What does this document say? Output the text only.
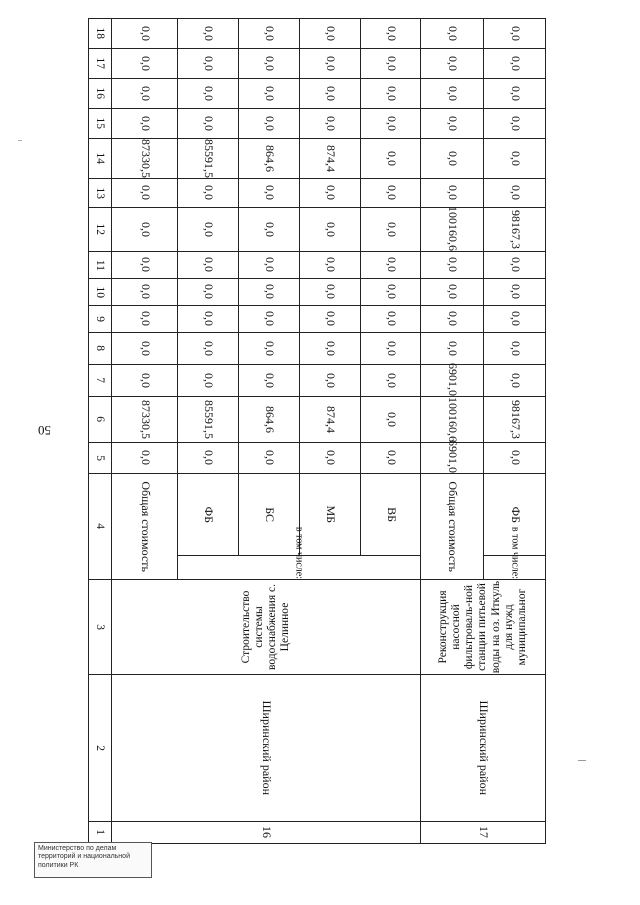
50
1	2	3	4		5	6	7	8	9	10	11	12	13	14	15	16	17	18
16	Ширинский район	Строительство системы водоснабжения с. Целинное	Общая стоимость		0,0	87330,5	0,0	0,0	0,0	0,0	0,0	0,0	0,0	87330,5	0,0	0,0	0,0	0,0
			в том числе:	ФБ	0,0	85591,5	0,0	0,0	0,0	0,0	0,0	0,0	0,0	85591,5	0,0	0,0	0,0	0,0
				БС	0,0	864,6	0,0	0,0	0,0	0,0	0,0	0,0	0,0	864,6	0,0	0,0	0,0	0,0
				МБ	0,0	874,4	0,0	0,0	0,0	0,0	0,0	0,0	0,0	874,4	0,0	0,0	0,0	0,0
				ВБ	0,0	0,0	0,0	0,0	0,0	0,0	0,0	0,0	0,0	0,0	0,0	0,0	0,0	0,0
17	Ширинский район	Реконструкция насосной фильтроваль-ной станции питьевой воды на оз. Иткуль для нужд муниципальног	Общая стоимость		6901,0	100160,6	6901,0	0,0	0,0	0,0	0,0	100160,6	0,0	0,0	0,0	0,0	0,0	0,0
			в том числе:	ФБ	0,0	98167,3	0,0	0,0	0,0	0,0	0,0	98167,3	0,0	0,0	0,0	0,0	0,0	0,0
Министерство по делам
территорий и национальной
политики РК
